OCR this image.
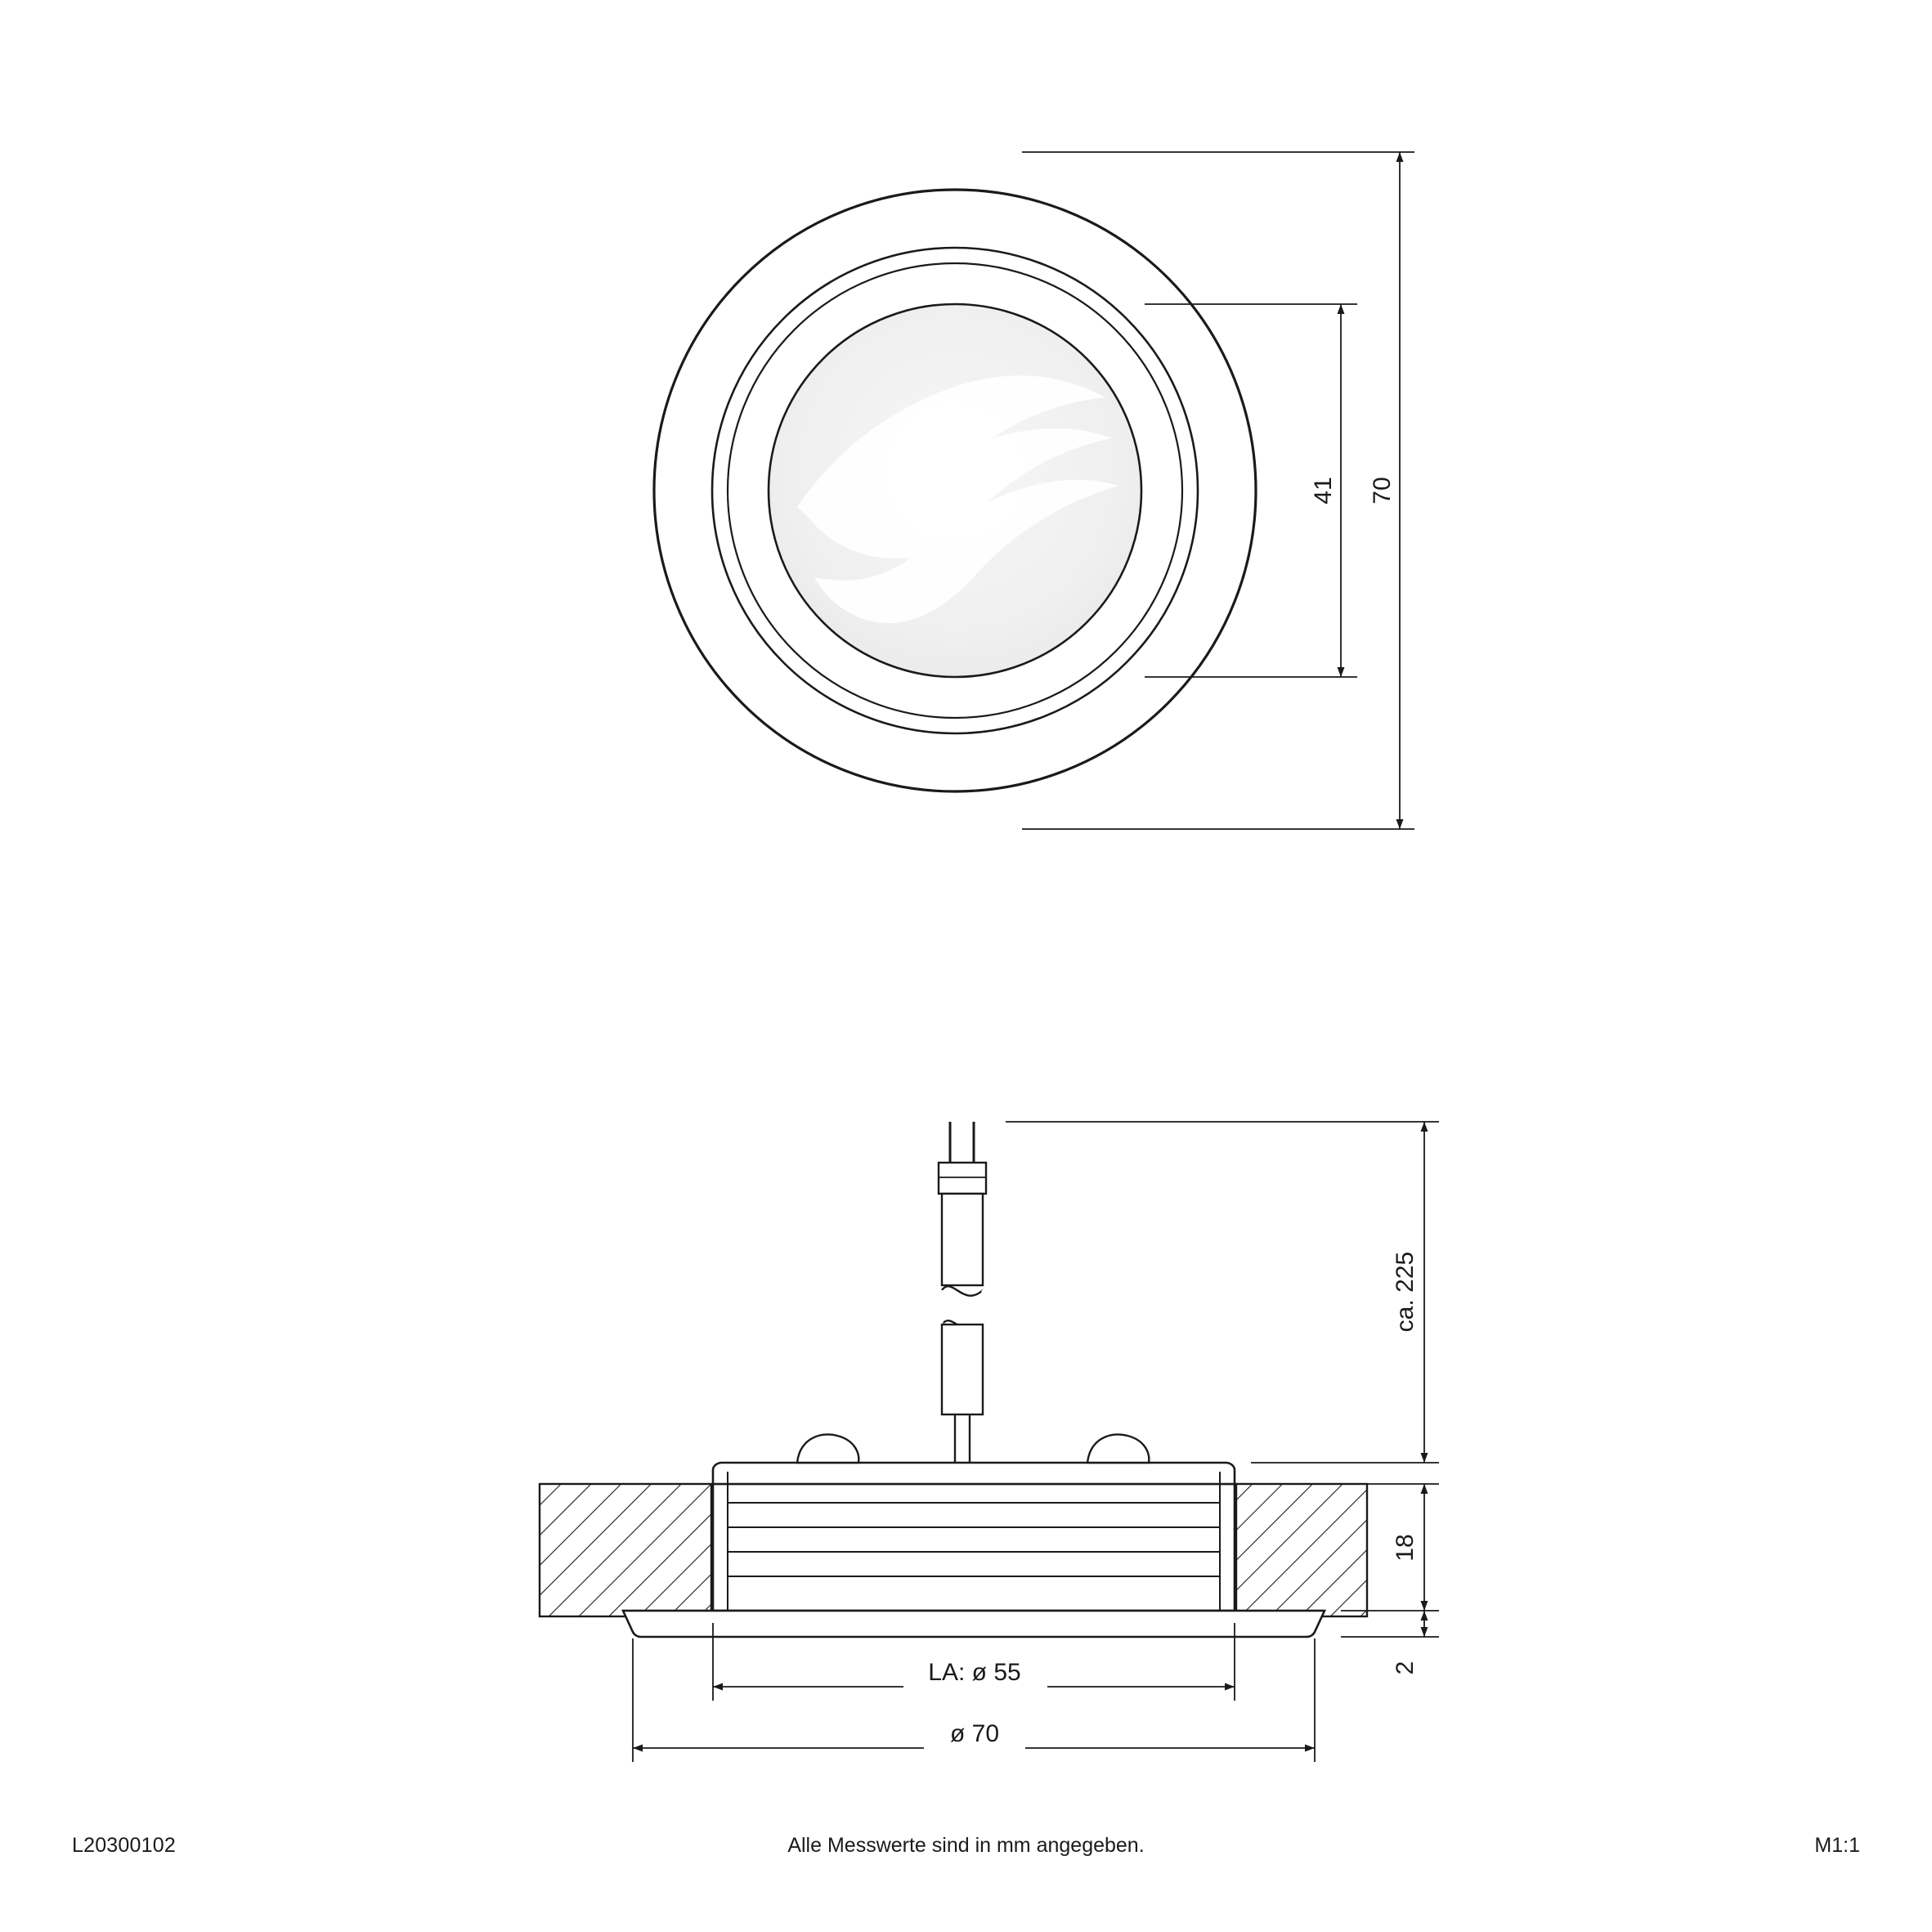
41 70
ca. 225
18
2
LA: ø 55
ø 70
L20300102	Alle Messwerte sind in mm angegeben.	M1:1
